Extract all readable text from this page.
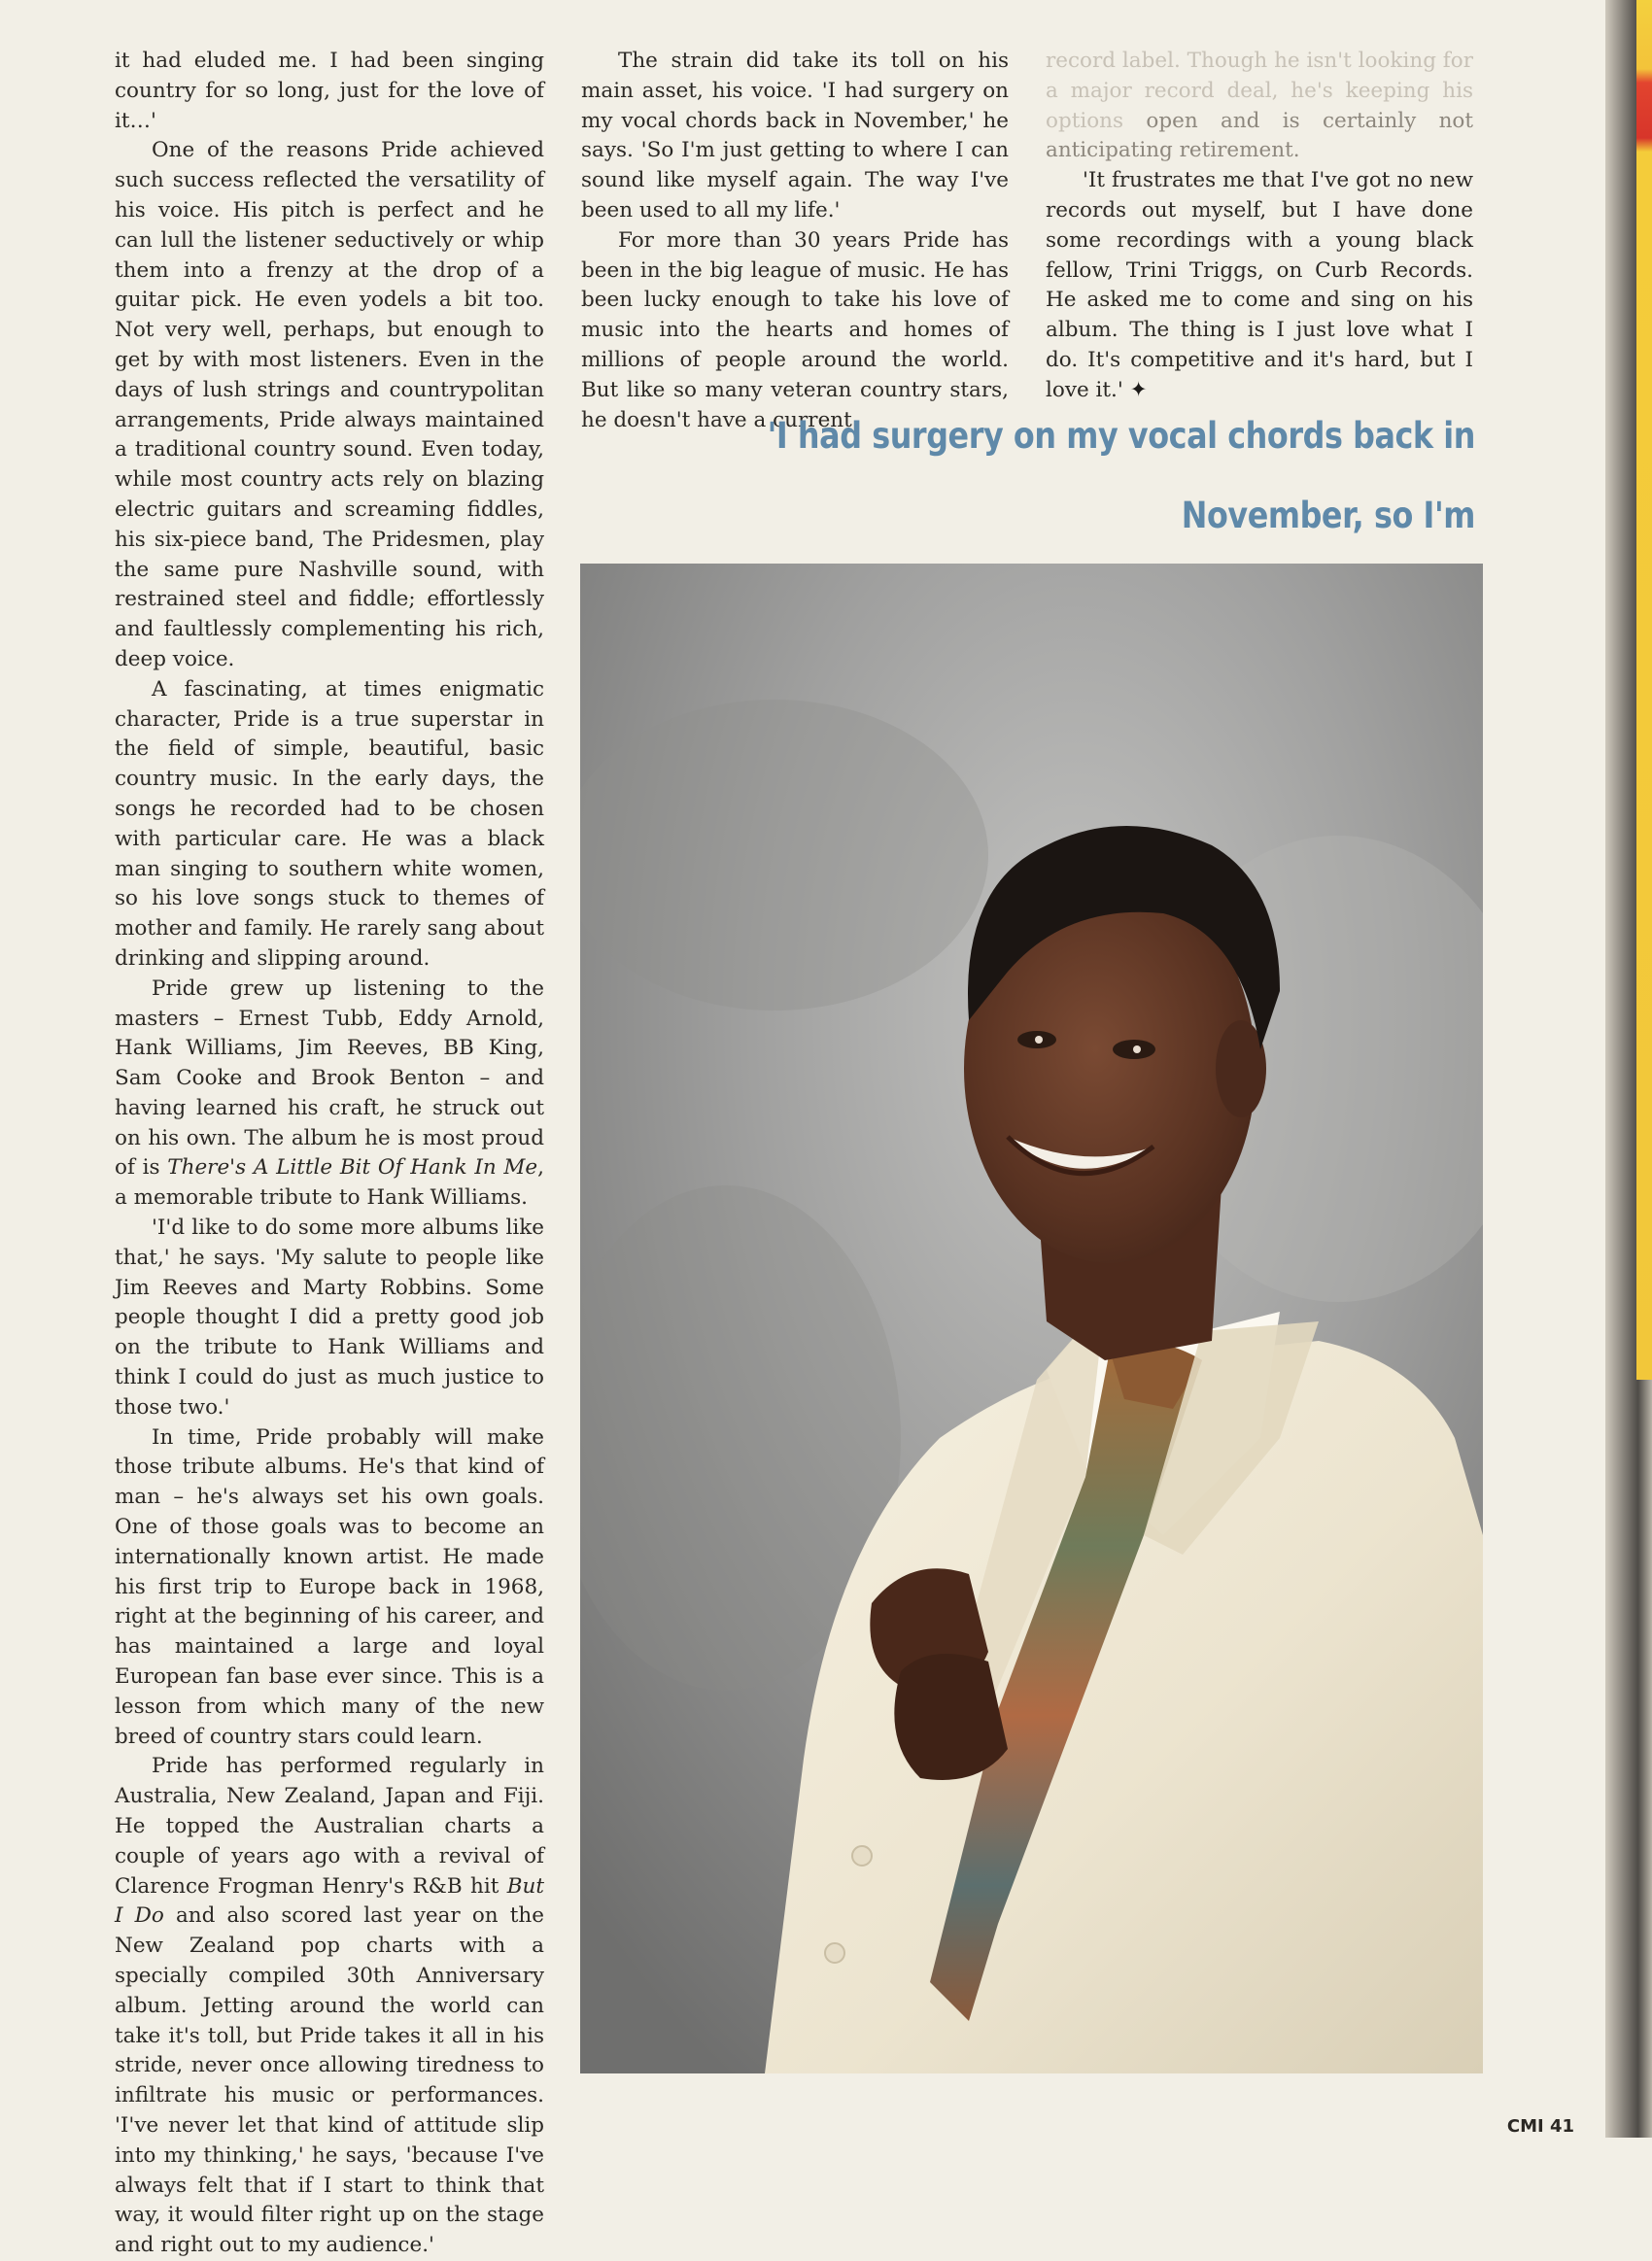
it had eluded me. I had been singing country for so long, just for the love of it…'

One of the reasons Pride achieved such success reflected the versatility of his voice. His pitch is perfect and he can lull the listener seductively or whip them into a frenzy at the drop of a guitar pick. He even yodels a bit too. Not very well, perhaps, but enough to get by with most listeners. Even in the days of lush strings and countrypolitan arrangements, Pride always maintained a traditional country sound. Even today, while most country acts rely on blazing electric guitars and screaming fiddles, his six-piece band, The Pridesmen, play the same pure Nashville sound, with restrained steel and fiddle; effortlessly and faultlessly complementing his rich, deep voice.

A fascinating, at times enigmatic character, Pride is a true superstar in the field of simple, beautiful, basic country music. In the early days, the songs he recorded had to be chosen with particular care. He was a black man singing to southern white women, so his love songs stuck to themes of mother and family. He rarely sang about drinking and slipping around.

Pride grew up listening to the masters – Ernest Tubb, Eddy Arnold, Hank Williams, Jim Reeves, BB King, Sam Cooke and Brook Benton – and having learned his craft, he struck out on his own. The album he is most proud of is There's A Little Bit Of Hank In Me, a memorable tribute to Hank Williams.

'I'd like to do some more albums like that,' he says. 'My salute to people like Jim Reeves and Marty Robbins. Some people thought I did a pretty good job on the tribute to Hank Williams and think I could do just as much justice to those two.'

In time, Pride probably will make those tribute albums. He's that kind of man – he's always set his own goals. One of those goals was to become an internationally known artist. He made his first trip to Europe back in 1968, right at the beginning of his career, and has maintained a large and loyal European fan base ever since. This is a lesson from which many of the new breed of country stars could learn.

Pride has performed regularly in Australia, New Zealand, Japan and Fiji. He topped the Australian charts a couple of years ago with a revival of Clarence Frogman Henry's R&B hit But I Do and also scored last year on the New Zealand pop charts with a specially compiled 30th Anniversary album. Jetting around the world can take it's toll, but Pride takes it all in his stride, never once allowing tiredness to infiltrate his music or performances. 'I've never let that kind of attitude slip into my thinking,' he says, 'because I've always felt that if I start to think that way, it would filter right up on the stage and right out to my audience.'

The strain did take its toll on his main asset, his voice. 'I had surgery on my vocal chords back in November,' he says. 'So I'm just getting to where I can sound like myself again. The way I've been used to all my life.'

For more than 30 years Pride has been in the big league of music. He has been lucky enough to take his love of music into the hearts and homes of millions of people around the world. But like so many veteran country stars, he doesn't have a current

record label. Though he isn't looking for a major record deal, he's keeping his options open and is certainly not anticipating retirement.

'It frustrates me that I've got no new records out myself, but I have done some recordings with a young black fellow, Trini Triggs, on Curb Records. He asked me to come and sing on his album. The thing is I just love what I do. It's competitive and it's hard, but I love it.' ✦

'I had surgery on my vocal chords back in November, so I'm
CMI 41
